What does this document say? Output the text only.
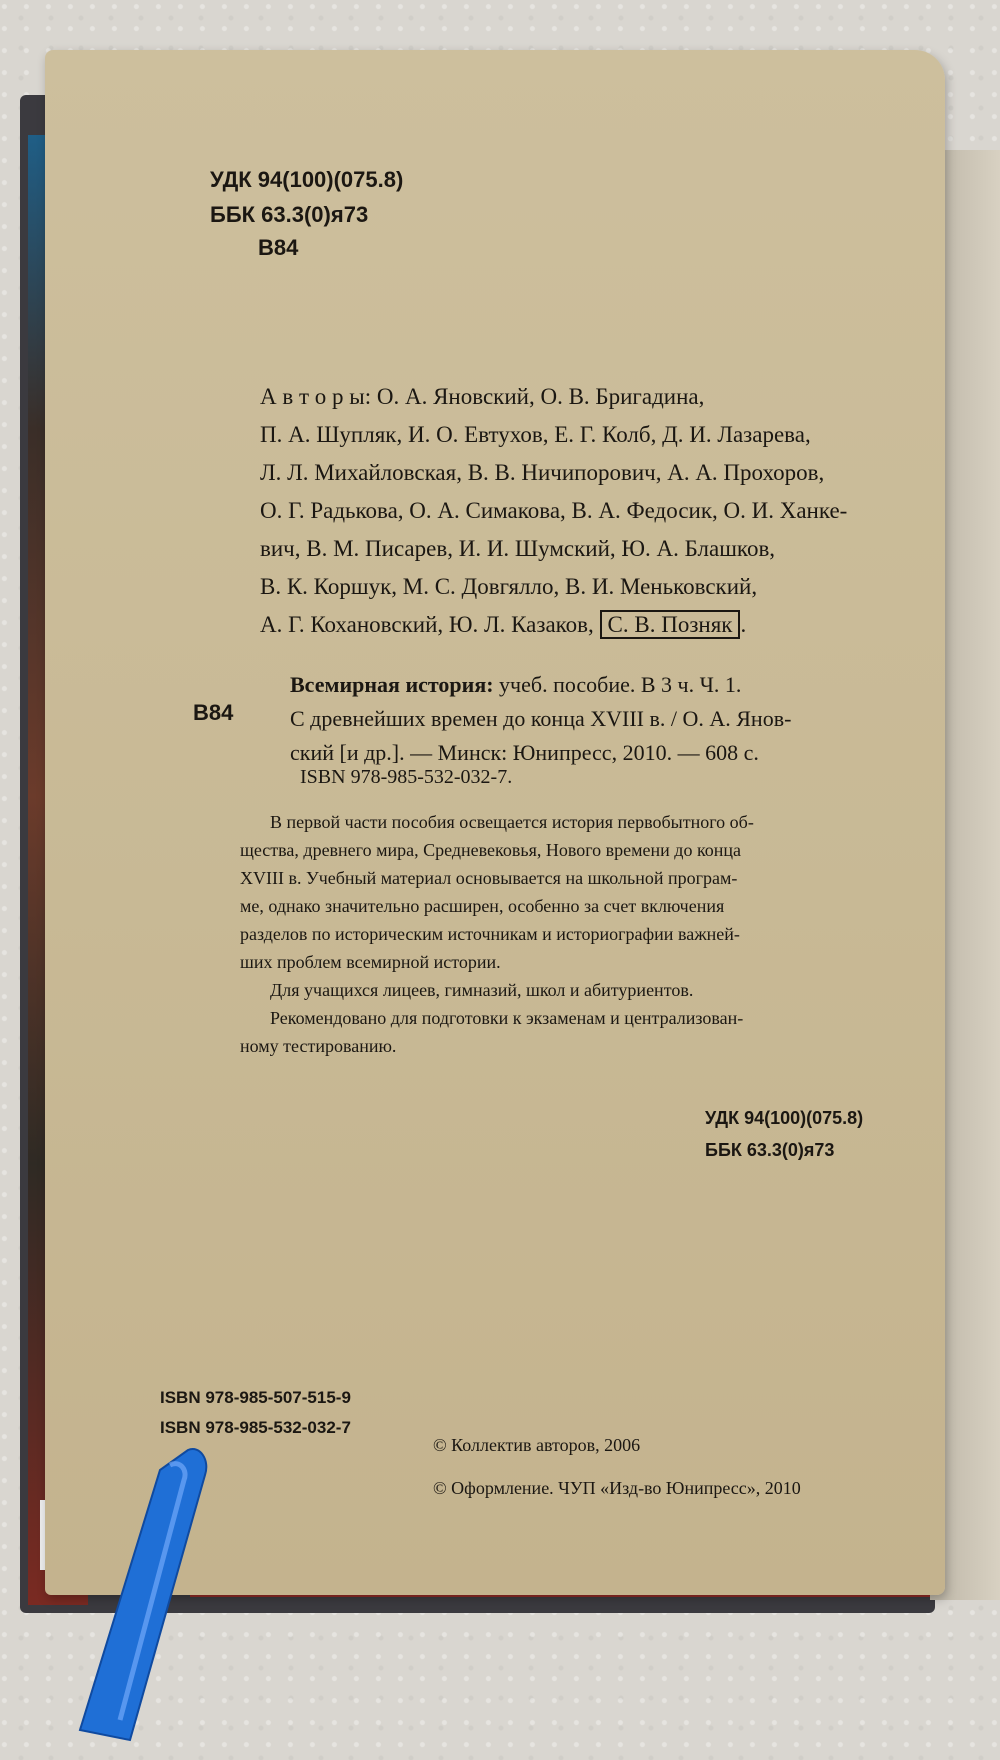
УДК 94(100)(075.8)
ББК 63.3(0)я73
В84
А в т о р ы: О. А. Яновский, О. В. Бригадина,
П. А. Шупляк, И. О. Евтухов, Е. Г. Колб, Д. И. Лазарева,
Л. Л. Михайловская, В. В. Ничипорович, А. А. Прохоров,
О. Г. Радькова, О. А. Симакова, В. А. Федосик, О. И. Ханке-
вич, В. М. Писарев, И. И. Шумский, Ю. А. Блашков,
В. К. Коршук, М. С. Довгялло, В. И. Меньковский,
А. Г. Кохановский, Ю. Л. Казаков, С. В. Позняк .
В84
Всемирная история: учеб. пособие. В 3 ч. Ч. 1.
С древнейших времен до конца XVIII в. / О. А. Янов-
ский [и др.]. — Минск: Юнипресс, 2010. — 608 с.
ISBN 978-985-532-032-7.
В первой части пособия освещается история первобытного об-
щества, древнего мира, Средневековья, Нового времени до конца
XVIII в. Учебный материал основывается на школьной програм-
ме, однако значительно расширен, особенно за счет включения
разделов по историческим источникам и историографии важней-
ших проблем всемирной истории.
Для учащихся лицеев, гимназий, школ и абитуриентов.
Рекомендовано для подготовки к экзаменам и централизован-
ному тестированию.
УДК 94(100)(075.8)
ББК 63.3(0)я73
ISBN 978-985-507-515-9
ISBN 978-985-532-032-7
© Коллектив авторов, 2006
© Оформление. ЧУП «Изд-во Юнипресс», 2010
